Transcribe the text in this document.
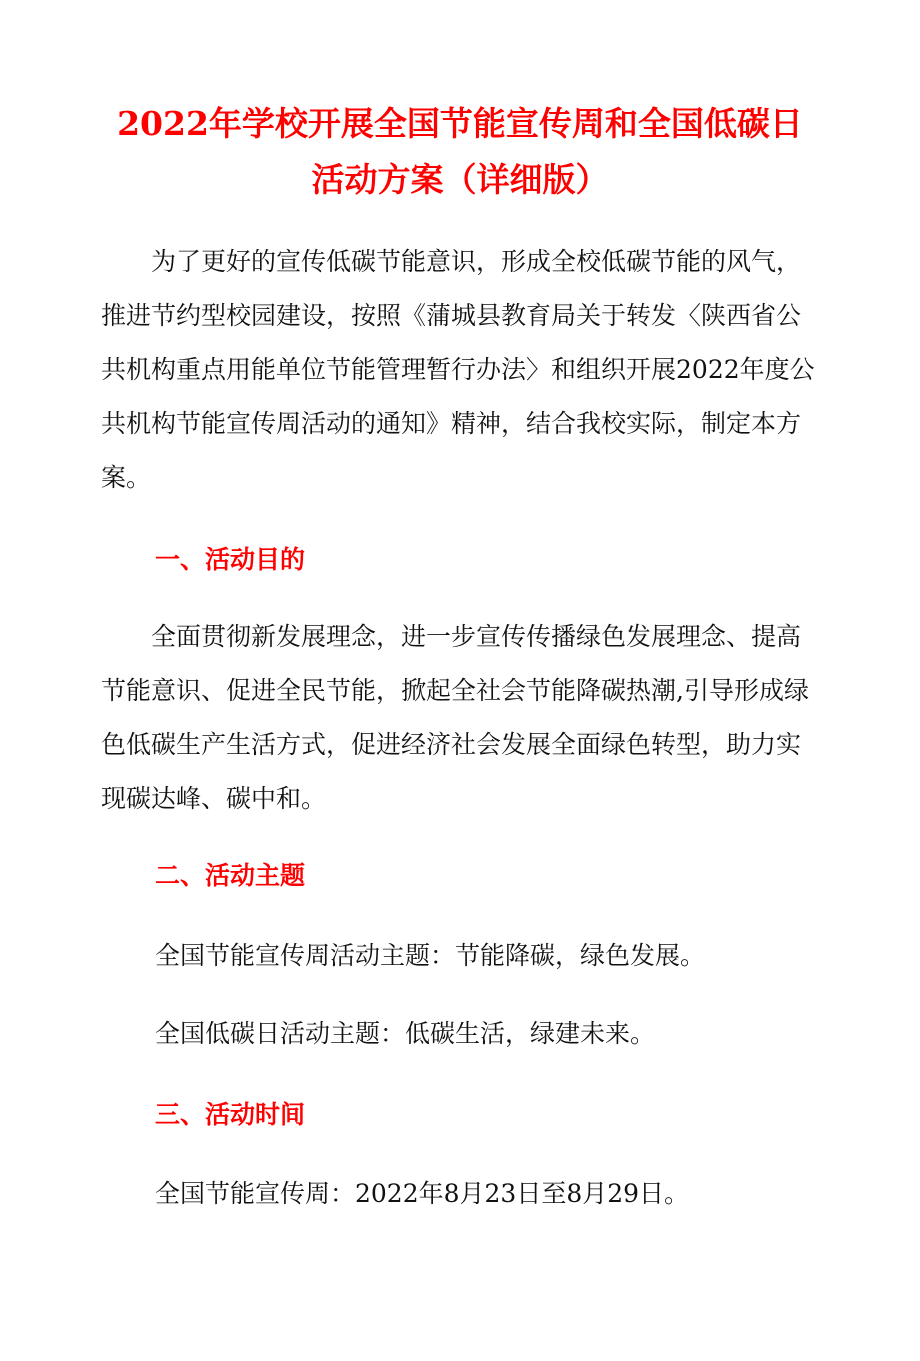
2022年学校开展全国节能宣传周和全国低碳日
活动方案（详细版）

为了更好的宣传低碳节能意识，形成全校低碳节能的风气，推进节约型校园建设，按照《蒲城县教育局关于转发〈陕西省公共机构重点用能单位节能管理暂行办法〉和组织开展2022年度公共机构节能宣传周活动的通知》精神，结合我校实际，制定本方案。

一、活动目的

全面贯彻新发展理念，进一步宣传传播绿色发展理念、提高节能意识、促进全民节能，掀起全社会节能降碳热潮,引导形成绿色低碳生产生活方式，促进经济社会发展全面绿色转型，助力实现碳达峰、碳中和。

二、活动主题
全国节能宣传周活动主题：节能降碳，绿色发展。
全国低碳日活动主题：低碳生活，绿建未来。
三、活动时间
全国节能宣传周：2022年8月23日至8月29日。
